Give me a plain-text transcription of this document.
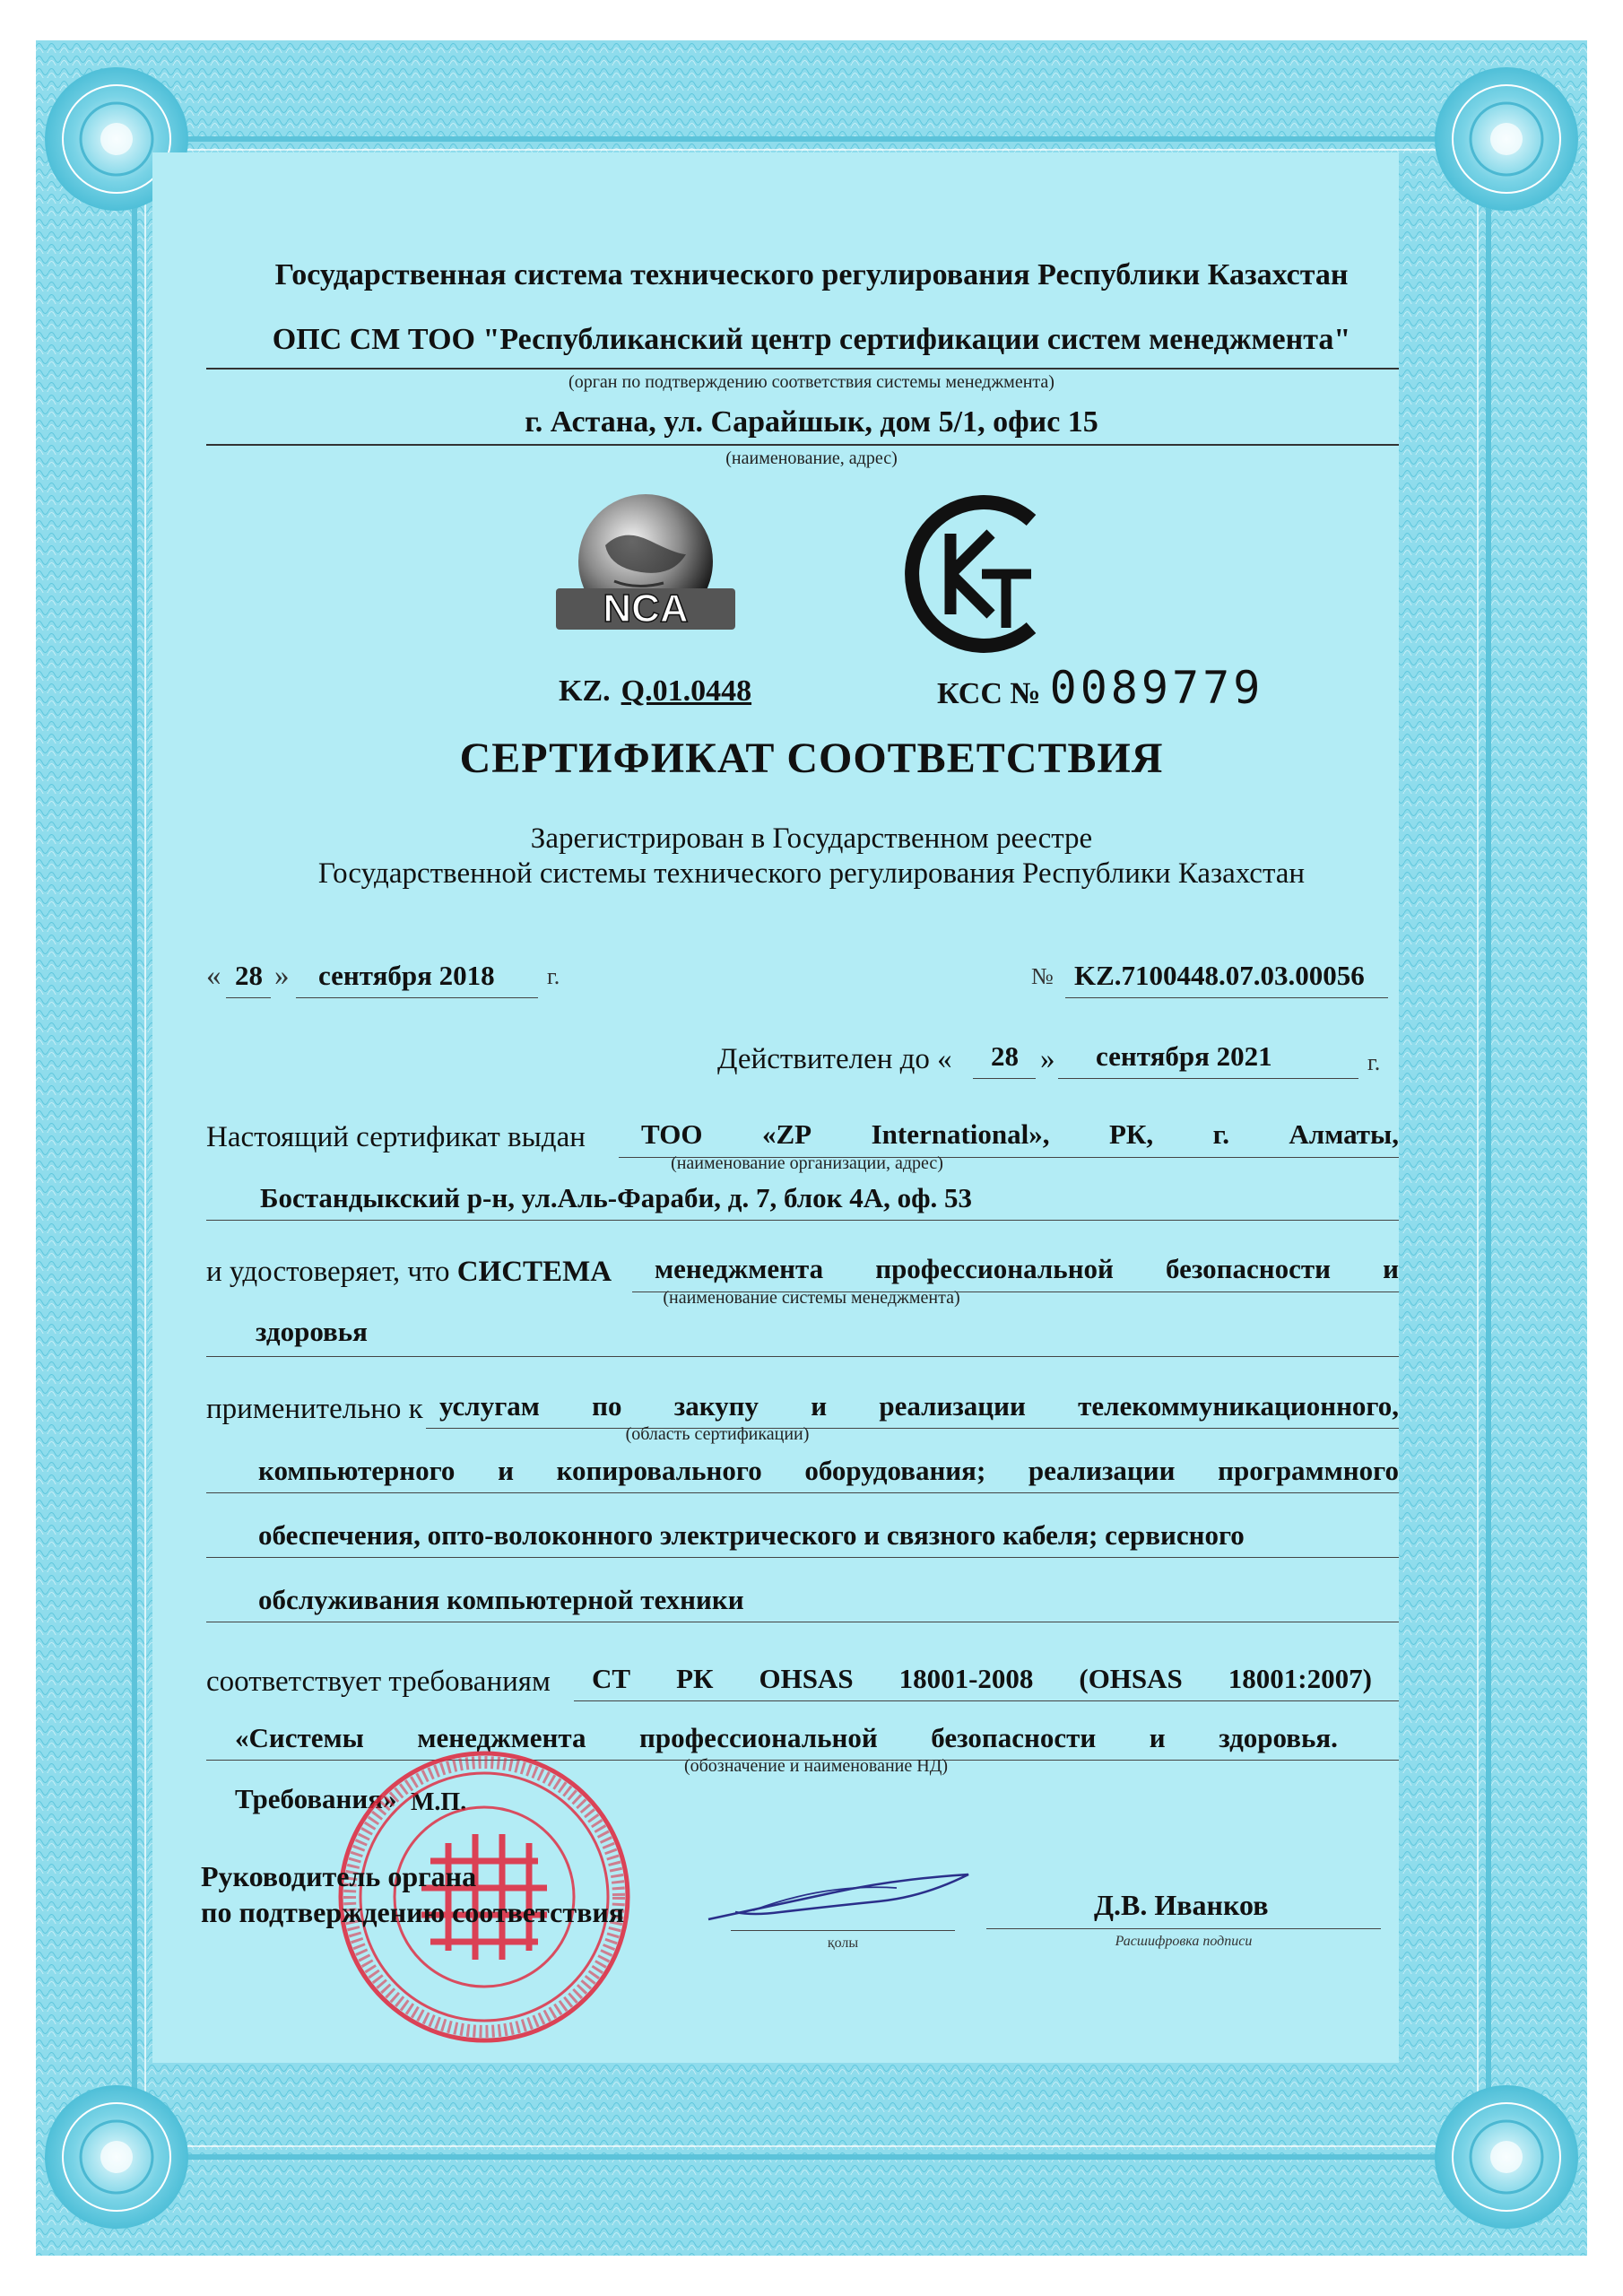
Государственная система технического регулирования Республики Казахстан
ОПС СМ ТОО "Республиканский центр сертификации систем менеджмента"
(орган по подтверждению соответствия системы менеджмента)
г. Астана, ул. Сарайшык, дом 5/1, офис 15
(наименование, адрес)
NCA
KZ. Q.01.0448	КСС № 0089779
СЕРТИФИКАТ СООТВЕТСТВИЯ
Зарегистрирован в Государственном реестре
Государственной системы технического регулирования Республики Казахстан
« 28 » сентября 2018 г.	№ KZ.7100448.07.03.00056
Действителен до « 28 » сентября 2021	г.
Настоящий сертификат выдан ТОО «ZP International», РК, г. Алматы,
(наименование организации, адрес)
Бостандыкский р-н, ул.Аль-Фараби, д. 7, блок 4А, оф. 53
и удостоверяет, что СИСТЕМА менеджмента профессиональной безопасности и
(наименование системы менеджмента)
здоровья
применительно к услугам по закупу и реализации телекоммуникационного,
(область сертификации)
компьютерного и копировального оборудования; реализации программного
обеспечения, опто-волоконного электрического и связного кабеля; сервисного
обслуживания компьютерной техники
соответствует требованиям СТ РК OHSAS 18001-2008 (OHSAS 18001:2007)
«Системы менеджмента профессиональной безопасности и здоровья.
(обозначение и наименование НД)
Требования» М.П.
Руководитель органа
по подтверждению соответствия
қолы
Д.В. Иванков
Расшифровка подписи
